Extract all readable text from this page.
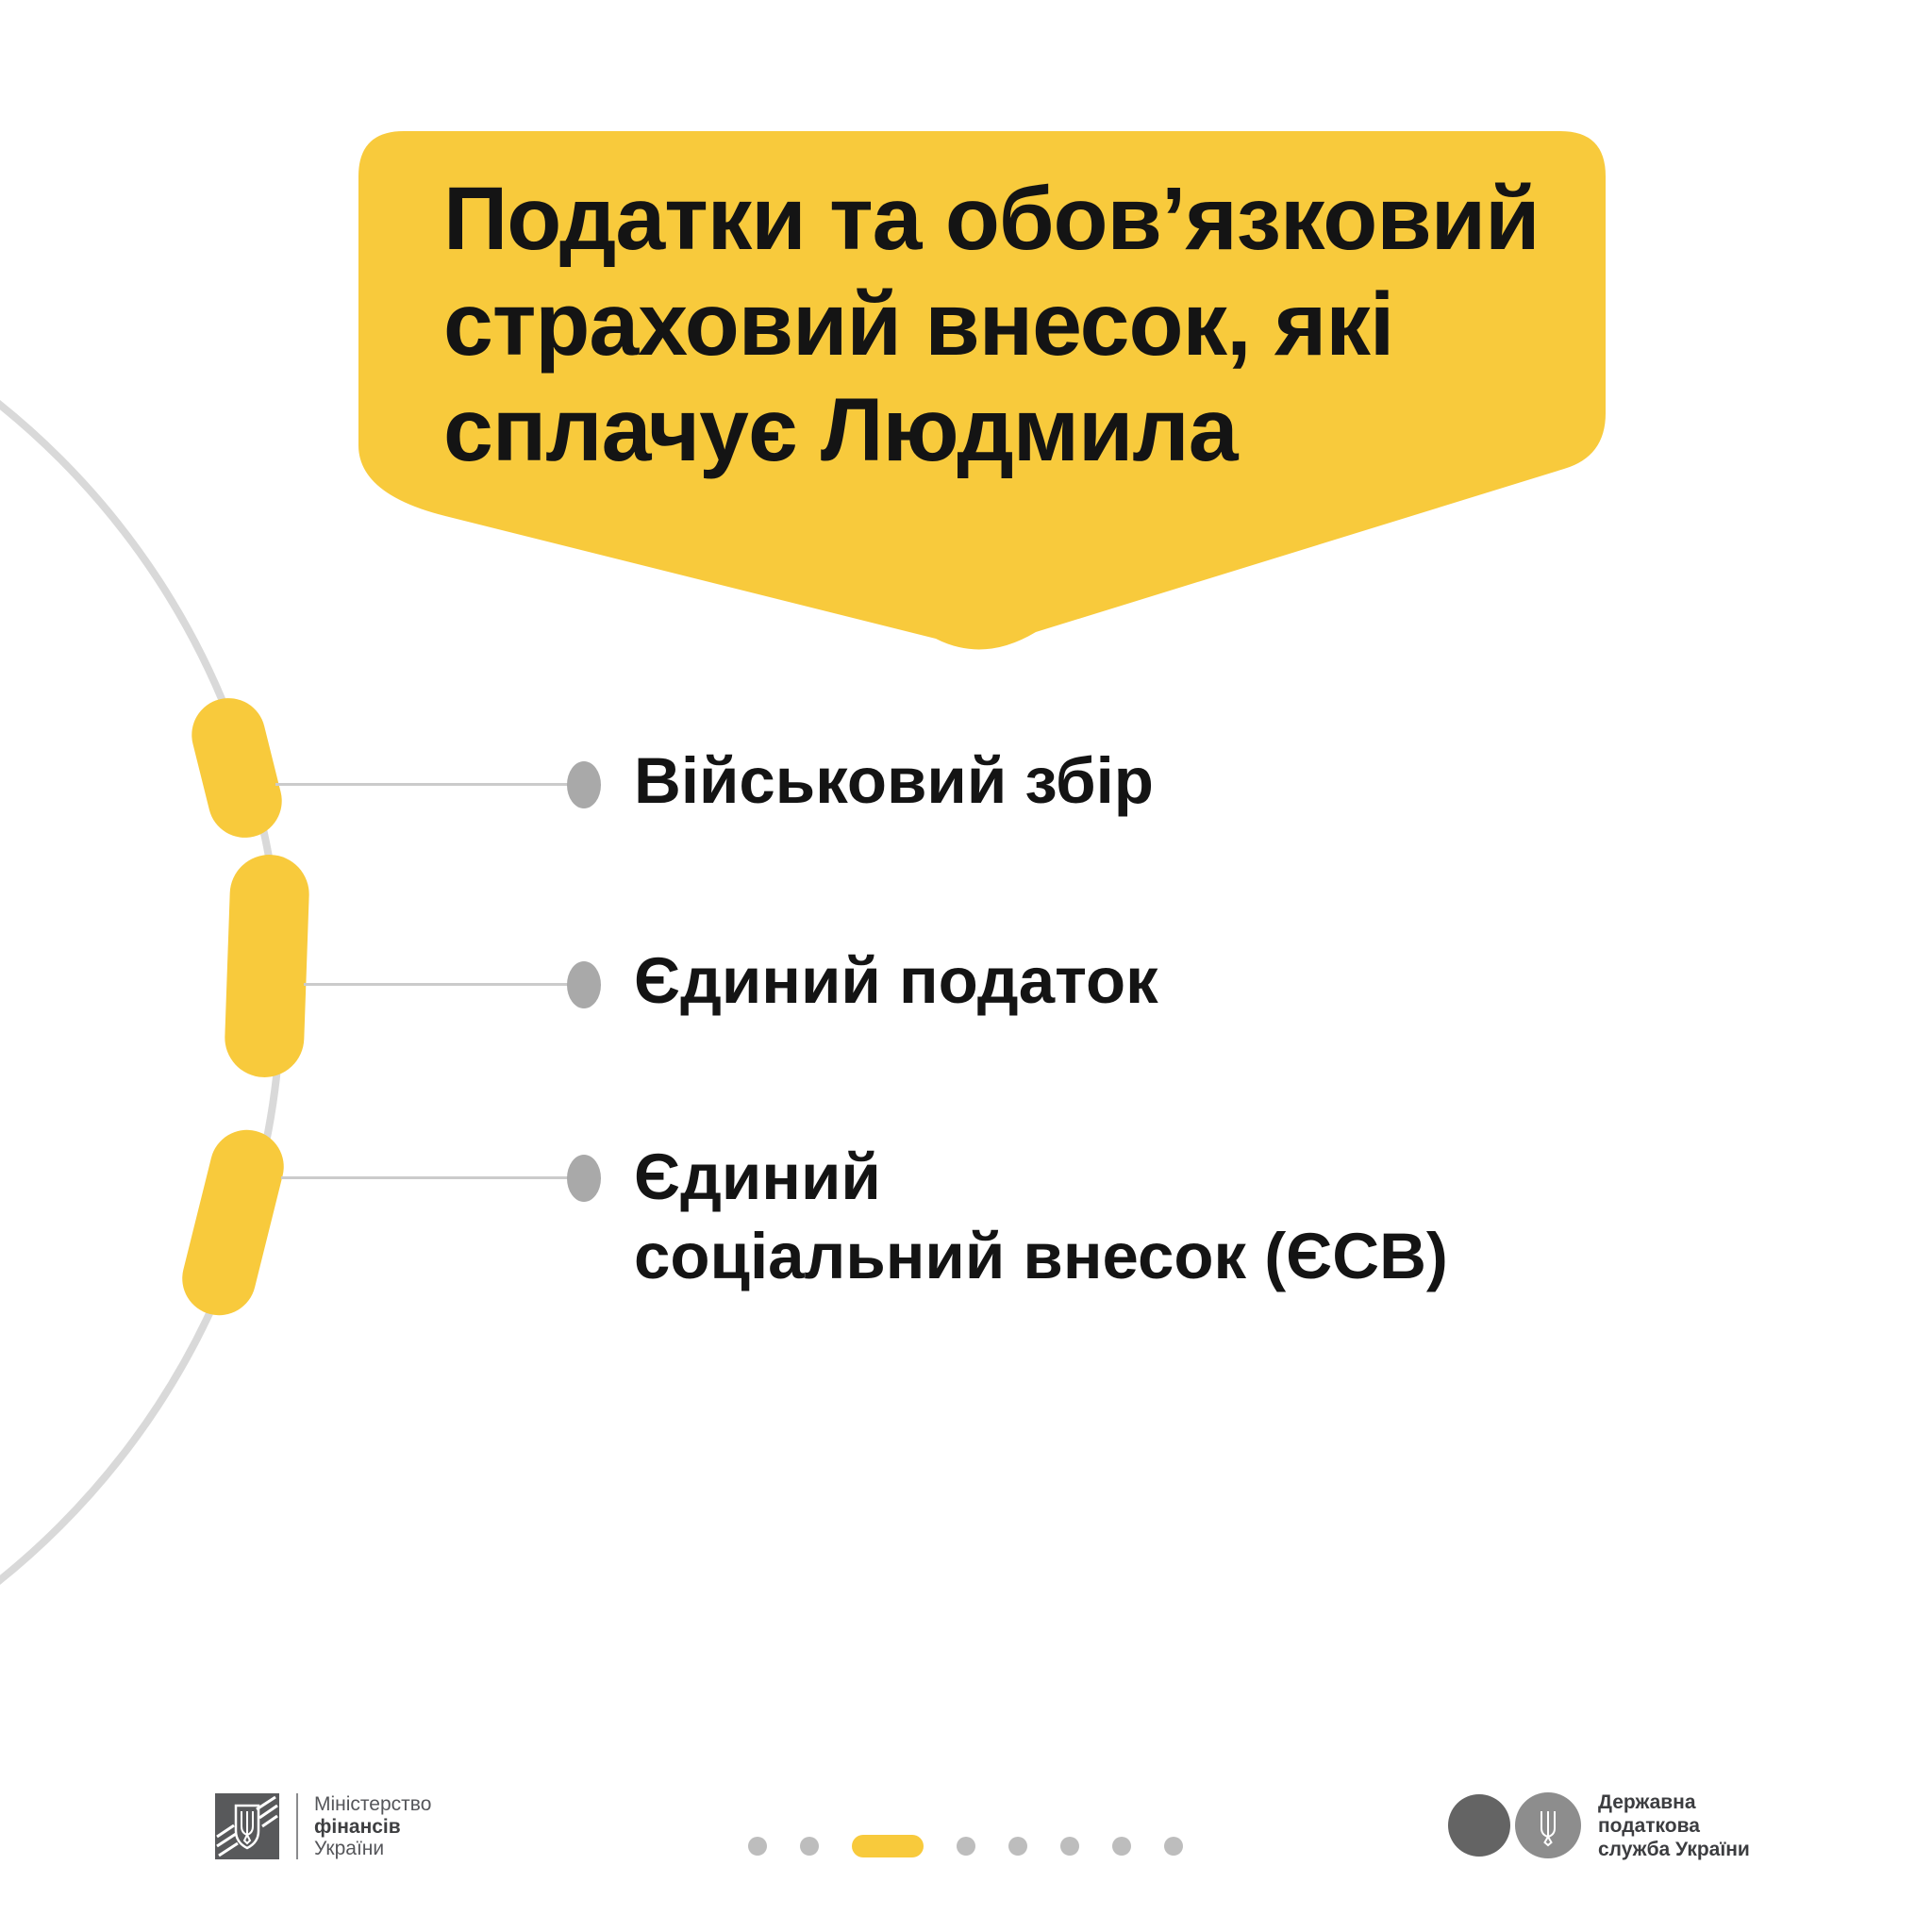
Податки та обов’язковий
страховий внесок, які
сплачує Людмила
Військовий збір
Єдиний податок
Єдиний
соціальний внесок (ЄСВ)
Міністерство
фінансів
України
Державна
податкова
служба України
